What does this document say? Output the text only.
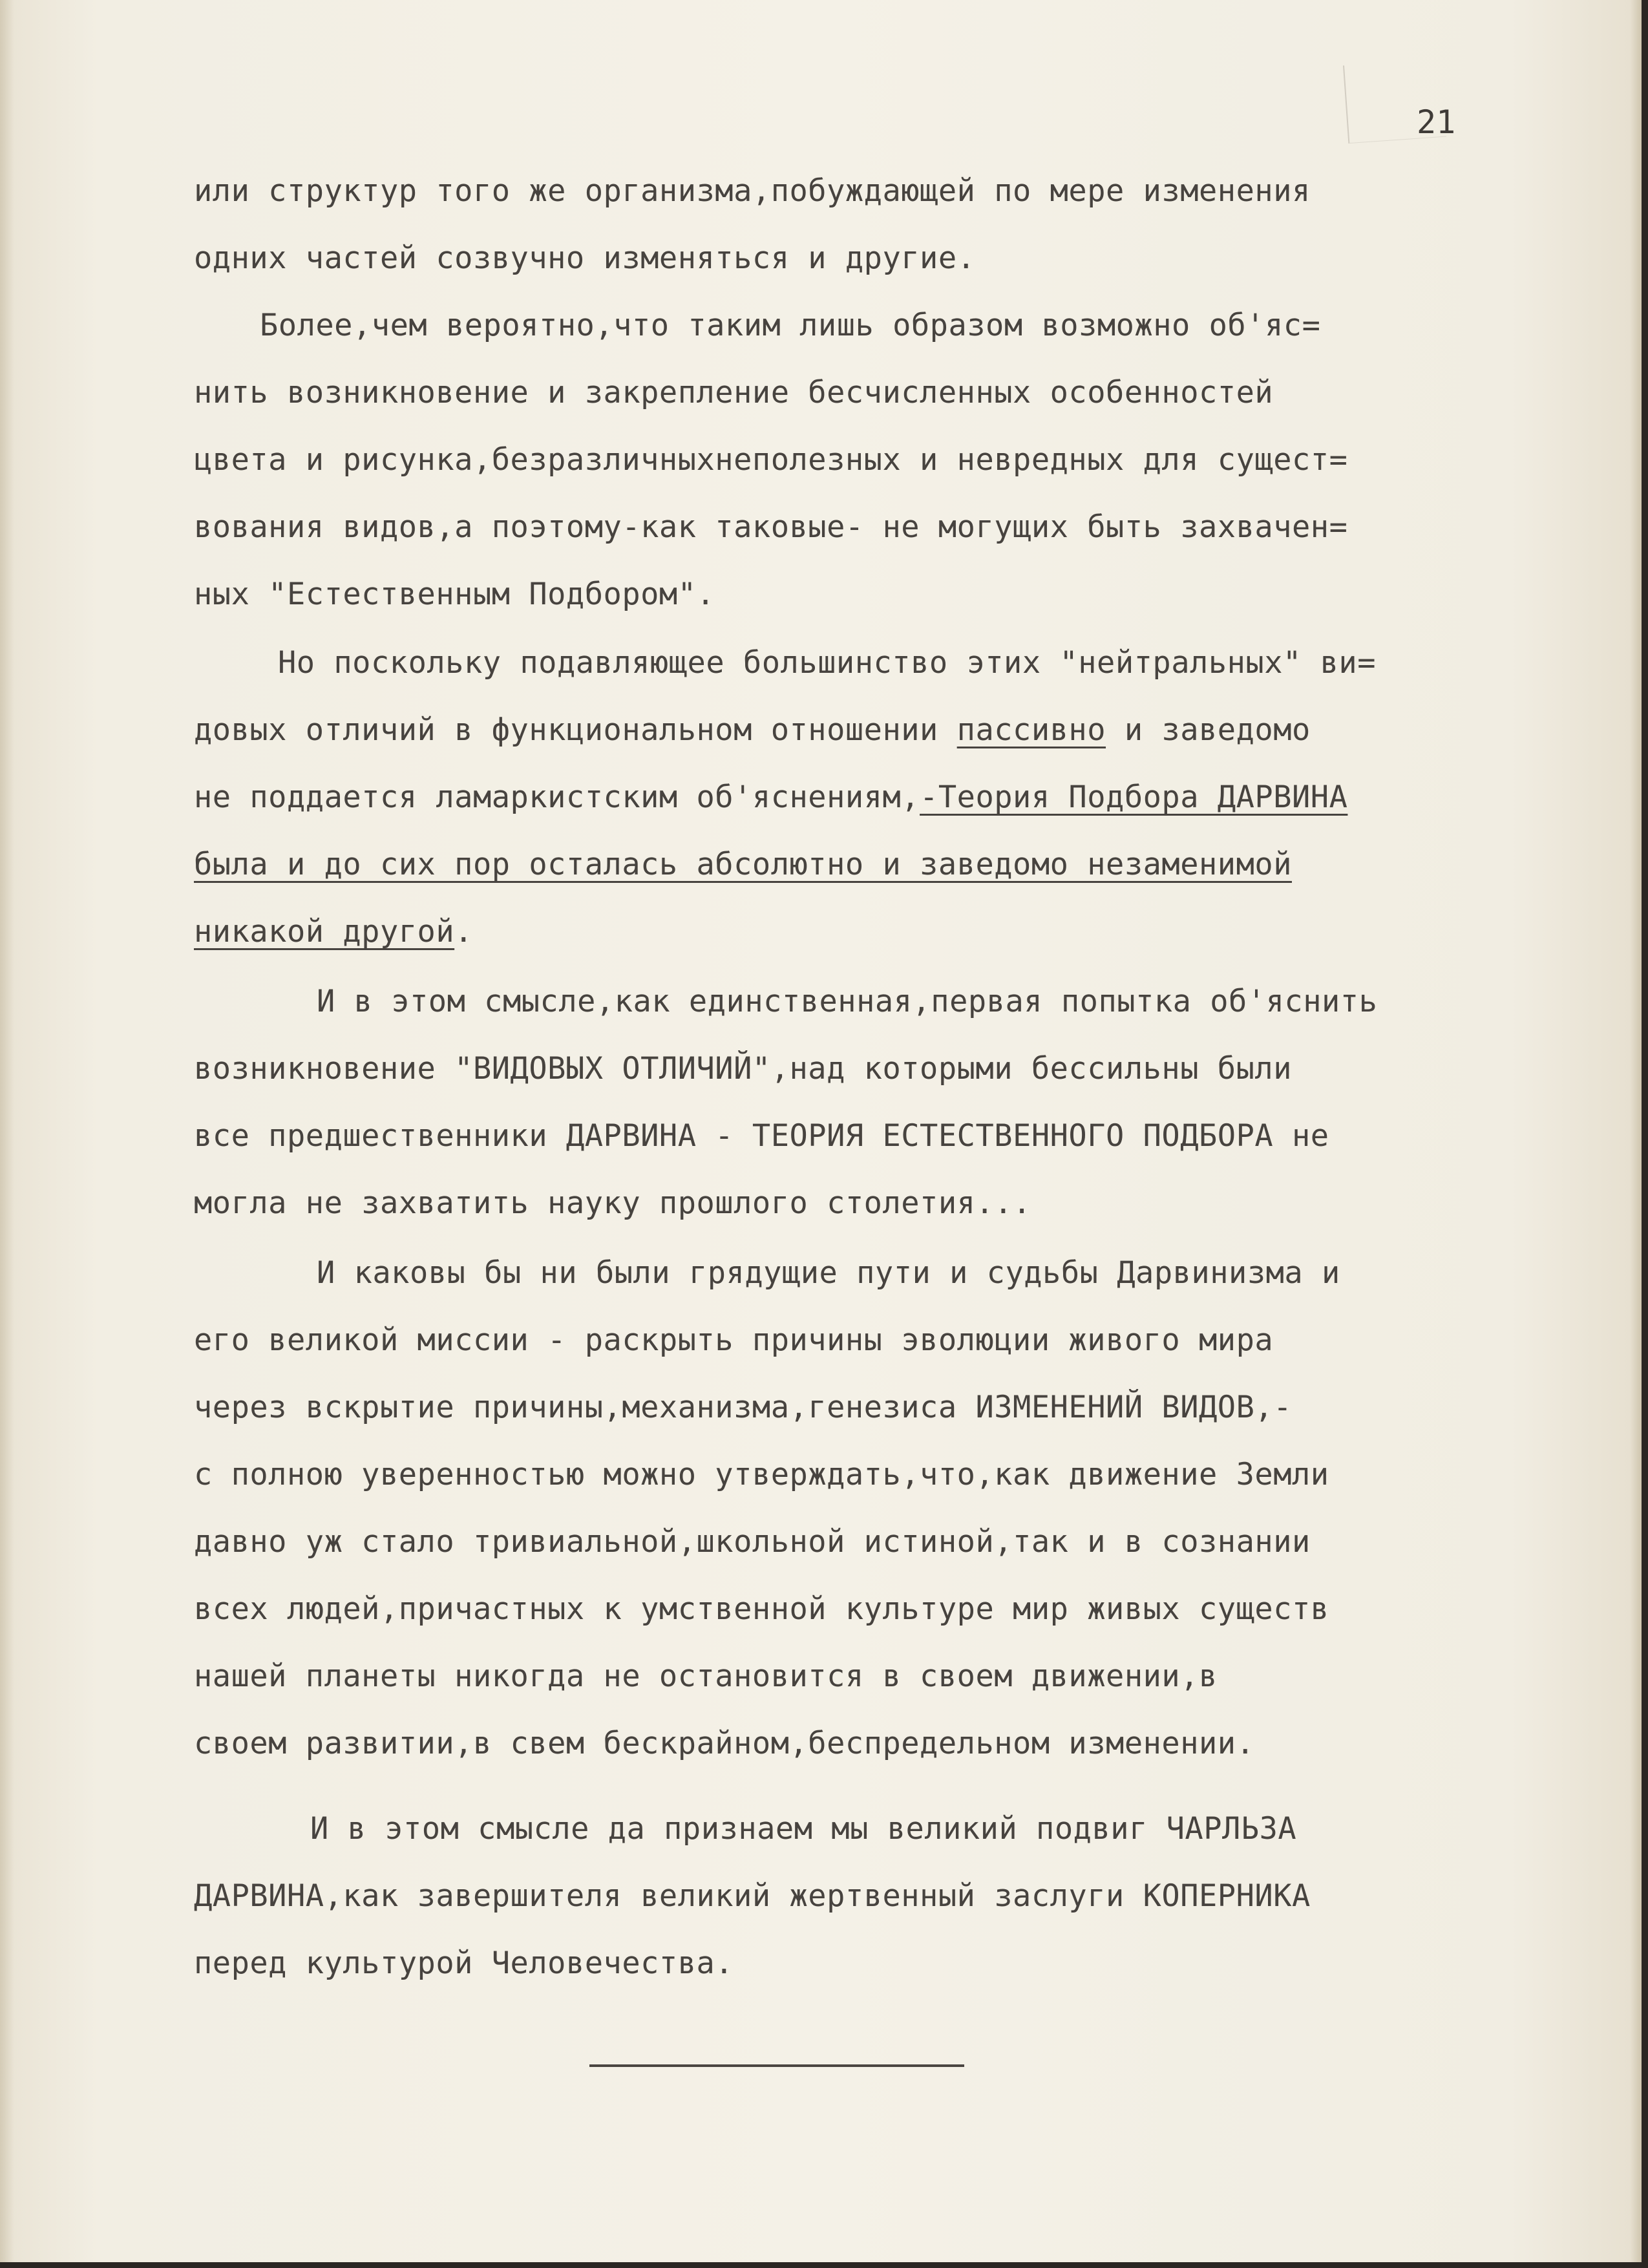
21
или структур того же организма,побуждающей по мере изменения
одних частей созвучно изменяться и другие.
Более,чем вероятно,что таким лишь образом возможно об'яс=
нить возникновение и закрепление бесчисленных особенностей
цвета и рисунка,безразличныхнеполезных и невредных для сущест=
вования видов,а поэтому-как таковые- не могущих быть захвачен=
ных "Естественным Подбором".
Но поскольку подавляющее большинство этих "нейтральных" ви=
довых отличий в функциональном отношении пассивно и заведомо
не поддается ламаркистским об'яснениям,-Теория Подбора ДАРВИНА
была и до сих пор осталась абсолютно и заведомо незаменимой
никакой другой.
И в этом смысле,как единственная,первая попытка об'яснить
возникновение "ВИДОВЫХ ОТЛИЧИЙ",над которыми бессильны были
все предшественники ДАРВИНА - ТЕОРИЯ ЕСТЕСТВЕННОГО ПОДБОРА не
могла не захватить науку прошлого столетия...
И каковы бы ни были грядущие пути и судьбы Дарвинизма и
его великой миссии - раскрыть причины эволюции живого мира
через вскрытие причины,механизма,генезиса ИЗМЕНЕНИЙ ВИДОВ,-
с полною уверенностью можно утверждать,что,как движение Земли
давно уж стало тривиальной,школьной истиной,так и в сознании
всех людей,причастных к умственной культуре мир живых существ
нашей планеты никогда не остановится в своем движении,в
своем развитии,в свем бескрайном,беспредельном изменении.
И в этом смысле да признаем мы великий подвиг ЧАРЛЬЗА
ДАРВИНА,как завершителя великий жертвенный заслуги КОПЕРНИКА
перед культурой Человечества.
